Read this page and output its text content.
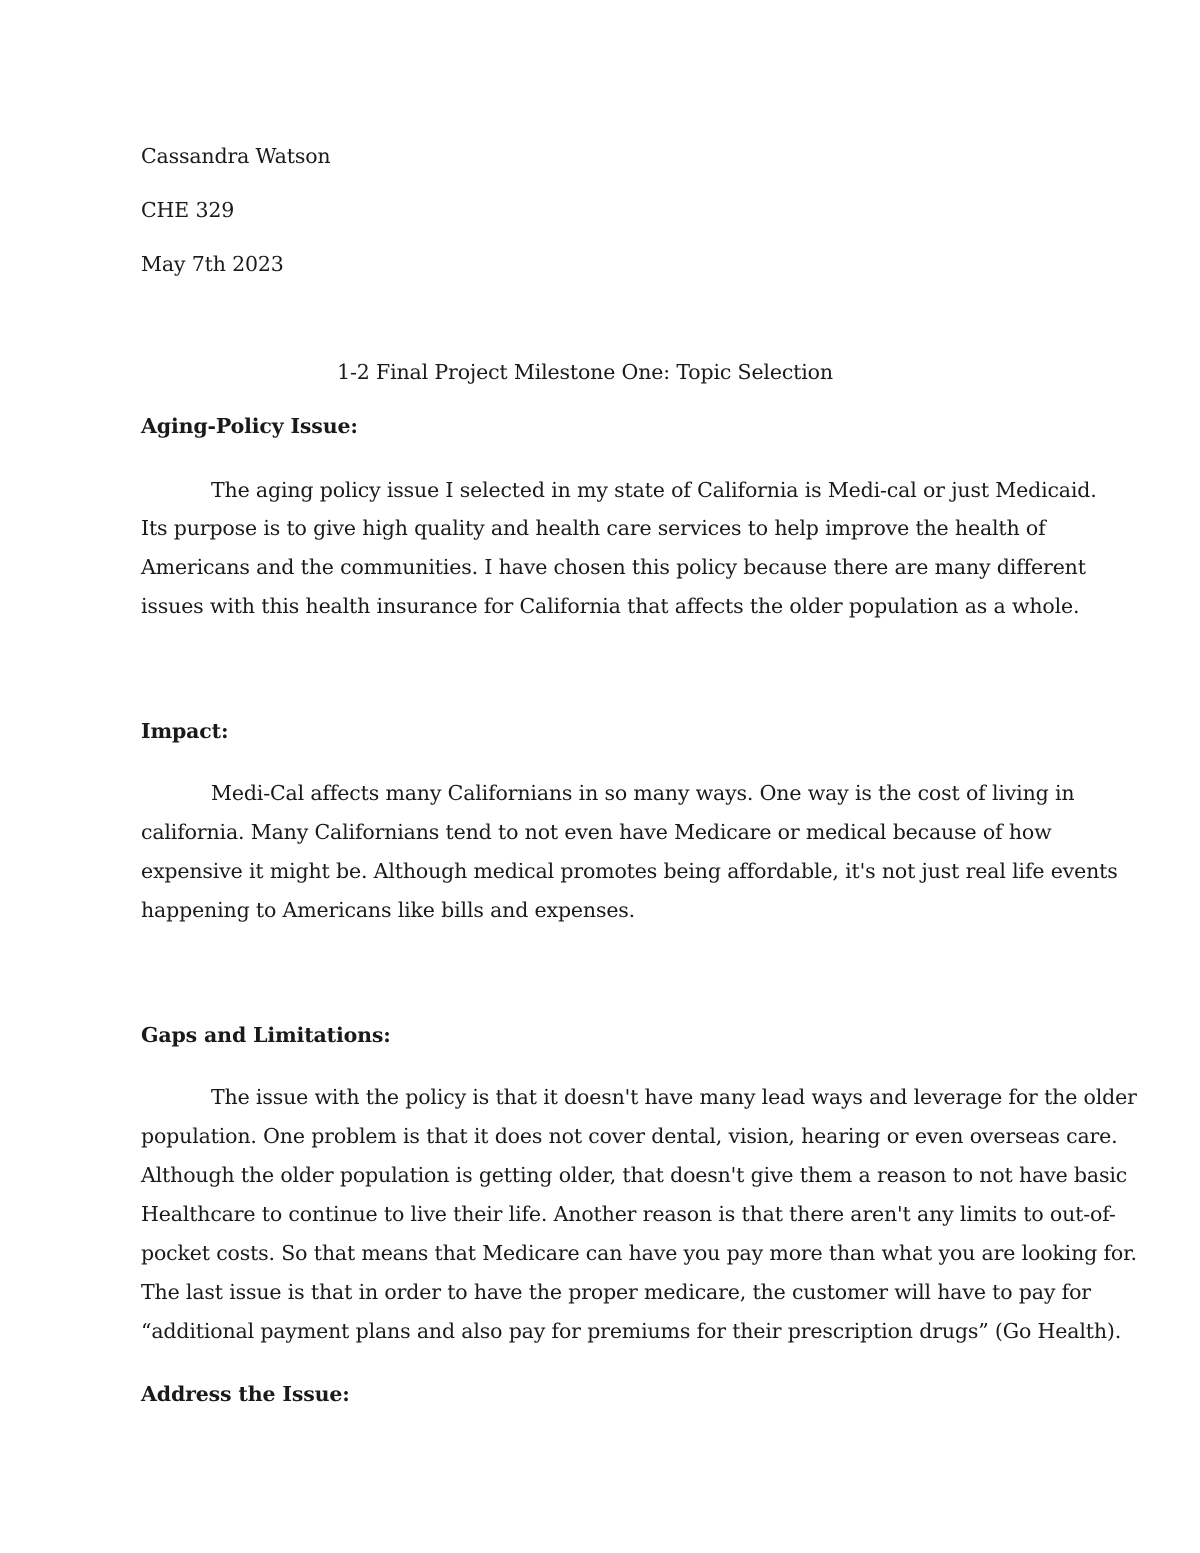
Cassandra Watson
CHE 329
May 7th 2023
1-2 Final Project Milestone One: Topic Selection
Aging-Policy Issue:
The aging policy issue I selected in my state of California is Medi-cal or just Medicaid.
Its purpose is to give high quality and health care services to help improve the health of
Americans and the communities. I have chosen this policy because there are many different
issues with this health insurance for California that affects the older population as a whole.
Impact:
Medi-Cal affects many Californians in so many ways. One way is the cost of living in
california. Many Californians tend to not even have Medicare or medical because of how
expensive it might be. Although medical promotes being affordable, it's not just real life events
happening to Americans like bills and expenses.
Gaps and Limitations:
The issue with the policy is that it doesn't have many lead ways and leverage for the older
population. One problem is that it does not cover dental, vision, hearing or even overseas care.
Although the older population is getting older, that doesn't give them a reason to not have basic
Healthcare to continue to live their life. Another reason is that there aren't any limits to out-of-
pocket costs. So that means that Medicare can have you pay more than what you are looking for.
The last issue is that in order to have the proper medicare, the customer will have to pay for
“additional payment plans and also pay for premiums for their prescription drugs” (Go Health).
Address the Issue:
